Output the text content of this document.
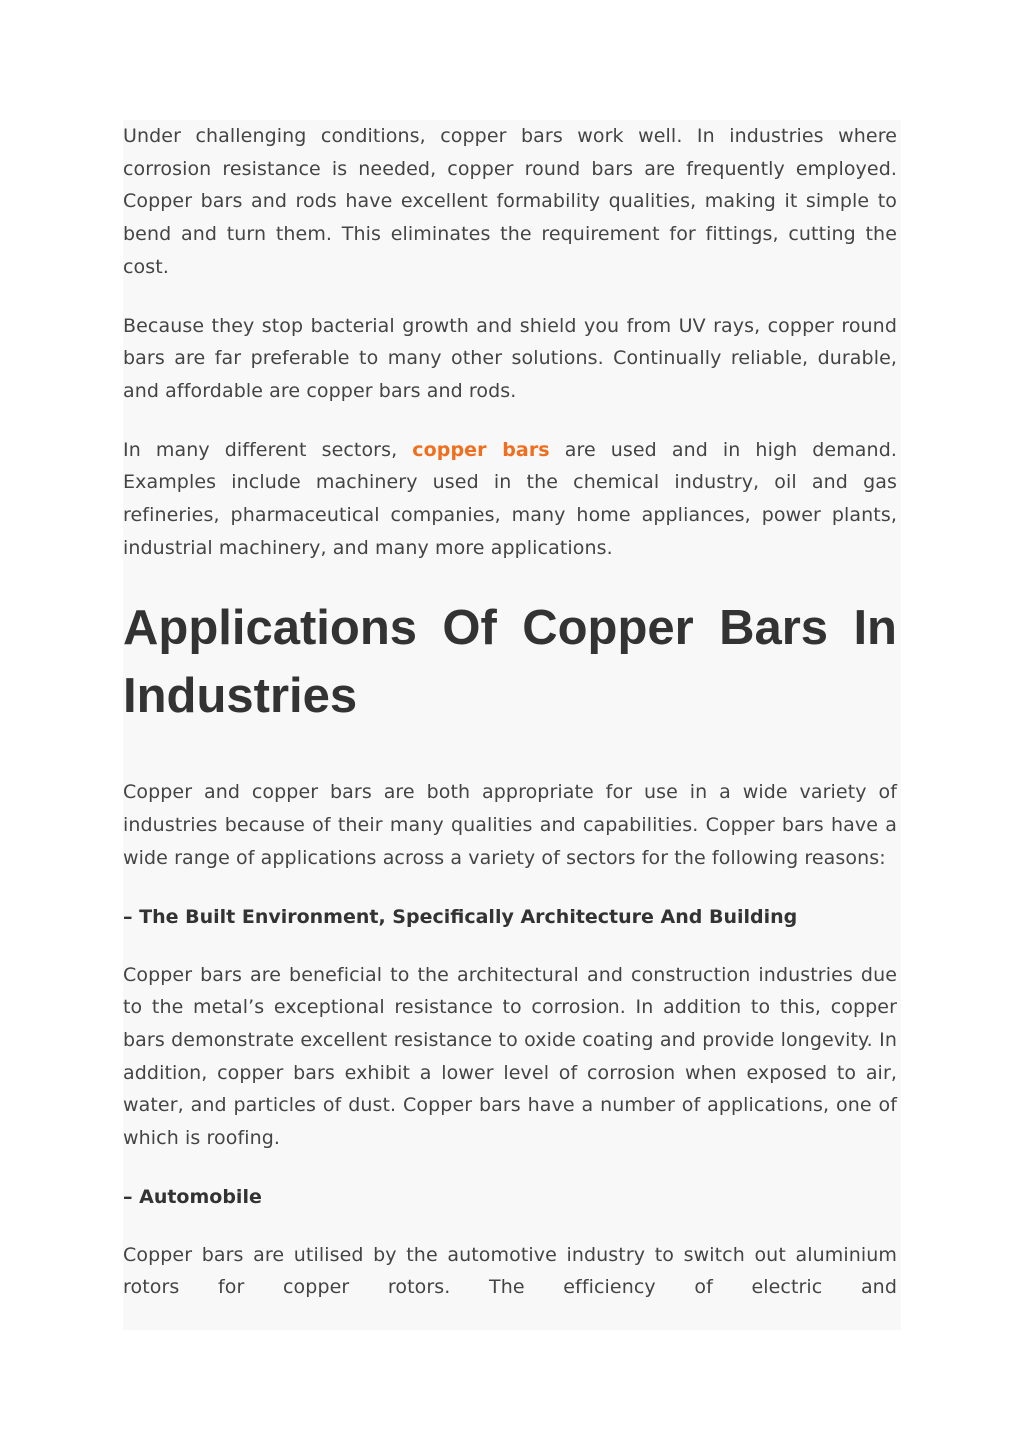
Under challenging conditions, copper bars work well. In industries where corrosion resistance is needed, copper round bars are frequently employed. Copper bars and rods have excellent formability qualities, making it simple to bend and turn them. This eliminates the requirement for fittings, cutting the cost.

Because they stop bacterial growth and shield you from UV rays, copper round bars are far preferable to many other solutions. Continually reliable, durable, and affordable are copper bars and rods.

In many different sectors, copper bars are used and in high demand. Examples include machinery used in the chemical industry, oil and gas refineries, pharmaceutical companies, many home appliances, power plants, industrial machinery, and many more applications.

Applications Of Copper Bars In Industries

Copper and copper bars are both appropriate for use in a wide variety of industries because of their many qualities and capabilities. Copper bars have a wide range of applications across a variety of sectors for the following reasons:

– The Built Environment, Specifically Architecture And Building

Copper bars are beneficial to the architectural and construction industries due to the metal’s exceptional resistance to corrosion. In addition to this, copper bars demonstrate excellent resistance to oxide coating and provide longevity. In addition, copper bars exhibit a lower level of corrosion when exposed to air, water, and particles of dust. Copper bars have a number of applications, one of which is roofing.

– Automobile

Copper bars are utilised by the automotive industry to switch out aluminium rotors for copper rotors. The efficiency of electric and
